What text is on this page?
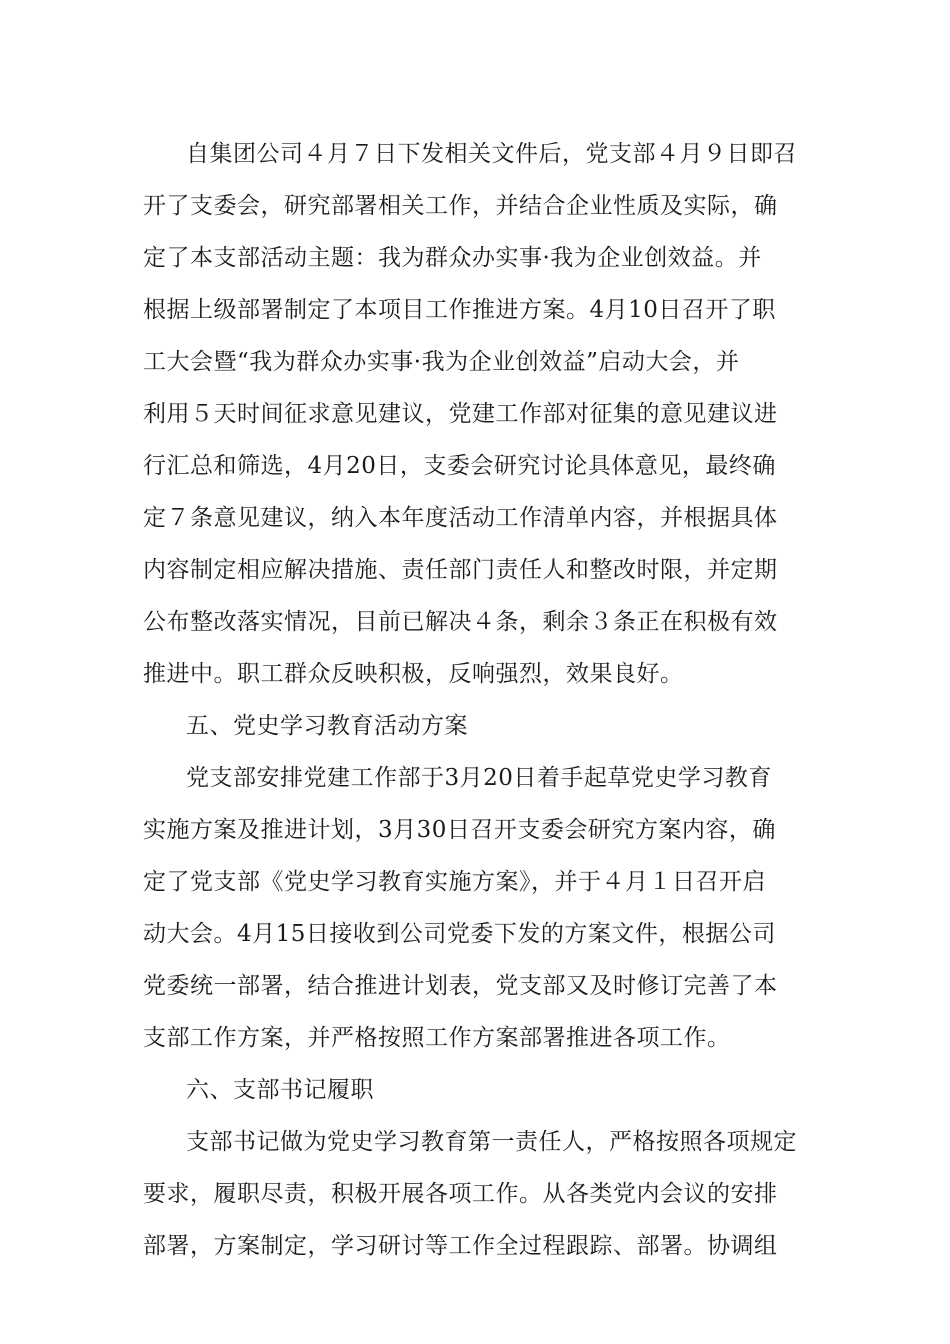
自集团公司４月７日下发相关文件后，党支部４月９日即召
开了支委会，研究部署相关工作，并结合企业性质及实际，确
定了本支部活动主题：我为群众办实事·我为企业创效益。并
根据上级部署制定了本项目工作推进方案。4月10日召开了职
工大会暨“我为群众办实事·我为企业创效益”启动大会，并
利用５天时间征求意见建议，党建工作部对征集的意见建议进
行汇总和筛选，4月20日，支委会研究讨论具体意见，最终确
定７条意见建议，纳入本年度活动工作清单内容，并根据具体
内容制定相应解决措施、责任部门责任人和整改时限，并定期
公布整改落实情况，目前已解决４条，剩余３条正在积极有效
推进中。职工群众反映积极，反响强烈，效果良好。
五、党史学习教育活动方案
党支部安排党建工作部于3月20日着手起草党史学习教育
实施方案及推进计划，3月30日召开支委会研究方案内容，确
定了党支部《党史学习教育实施方案》，并于４月１日召开启
动大会。4月15日接收到公司党委下发的方案文件，根据公司
党委统一部署，结合推进计划表，党支部又及时修订完善了本
支部工作方案，并严格按照工作方案部署推进各项工作。
六、支部书记履职
支部书记做为党史学习教育第一责任人，严格按照各项规定
要求，履职尽责，积极开展各项工作。从各类党内会议的安排
部署，方案制定，学习研讨等工作全过程跟踪、部署。协调组
